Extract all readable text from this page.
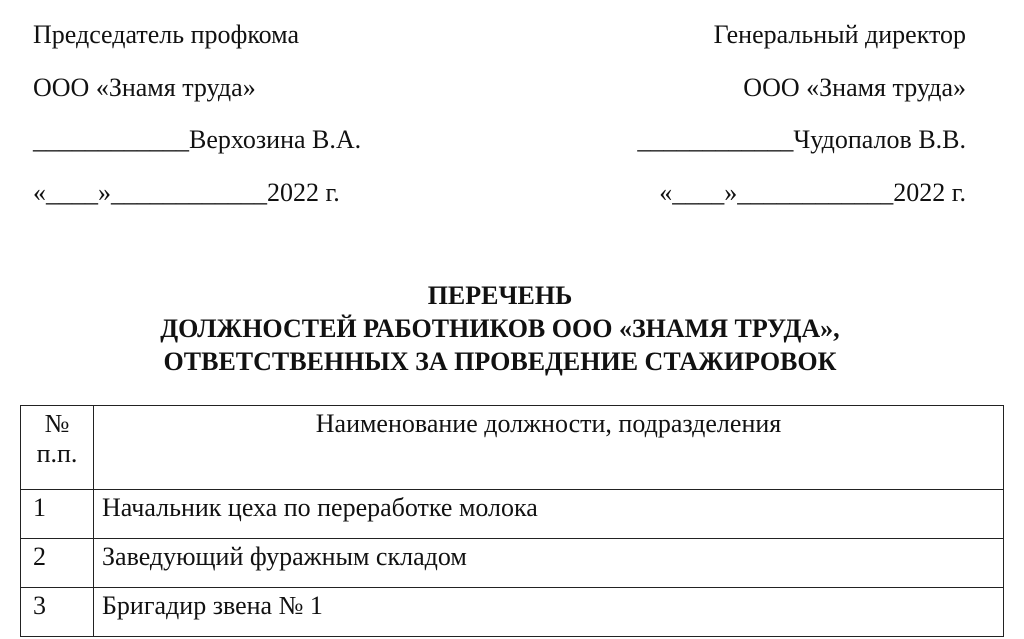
Председатель профкома
ООО «Знамя труда»
____________Верхозина В.А.
«____»____________2022 г.
Генеральный директор
ООО «Знамя труда»
____________Чудопалов В.В.
«____»____________2022 г.
ПЕРЕЧЕНЬ
ДОЛЖНОСТЕЙ РАБОТНИКОВ ООО «ЗНАМЯ ТРУДА»,
ОТВЕТСТВЕННЫХ ЗА ПРОВЕДЕНИЕ СТАЖИРОВОК
№
п.п.	Наименование должности, подразделения
1	Начальник цеха по переработке молока
2	Заведующий фуражным складом
3	Бригадир звена № 1
